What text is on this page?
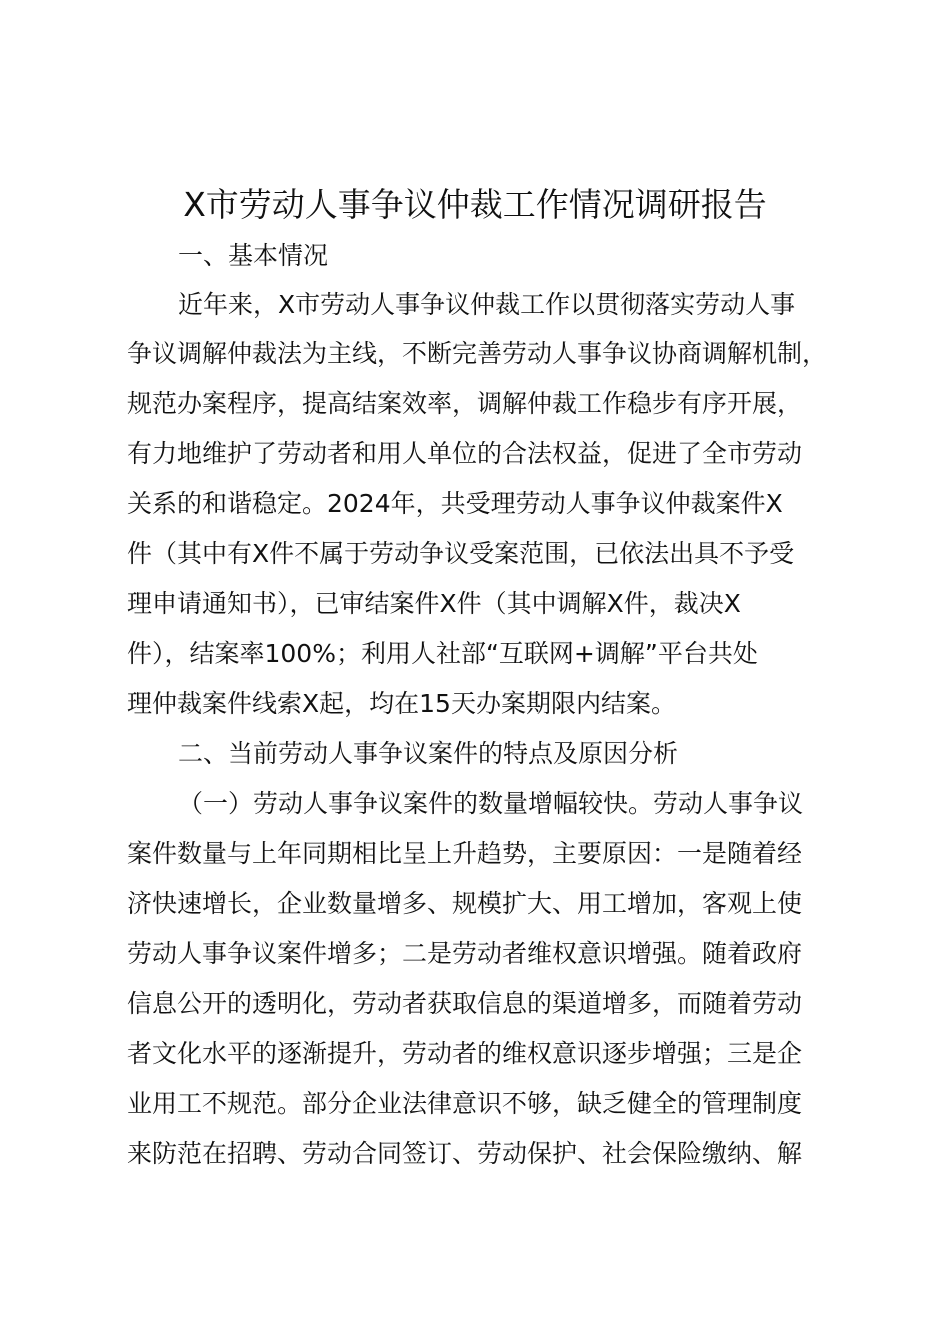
X市劳动人事争议仲裁工作情况调研报告
一、基本情况
近年来，X市劳动人事争议仲裁工作以贯彻落实劳动人事
争议调解仲裁法为主线，不断完善劳动人事争议协商调解机制，
规范办案程序，提高结案效率，调解仲裁工作稳步有序开展，
有力地维护了劳动者和用人单位的合法权益，促进了全市劳动
关系的和谐稳定。2024年，共受理劳动人事争议仲裁案件X
件（其中有X件不属于劳动争议受案范围，已依法出具不予受
理申请通知书），已审结案件X件（其中调解X件，裁决X
件），结案率100%；利用人社部“互联网+调解”平台共处
理仲裁案件线索X起，均在15天办案期限内结案。
二、当前劳动人事争议案件的特点及原因分析
（一）劳动人事争议案件的数量增幅较快。劳动人事争议
案件数量与上年同期相比呈上升趋势，主要原因：一是随着经
济快速增长，企业数量增多、规模扩大、用工增加，客观上使
劳动人事争议案件增多；二是劳动者维权意识增强。随着政府
信息公开的透明化，劳动者获取信息的渠道增多，而随着劳动
者文化水平的逐渐提升，劳动者的维权意识逐步增强；三是企
业用工不规范。部分企业法律意识不够，缺乏健全的管理制度
来防范在招聘、劳动合同签订、劳动保护、社会保险缴纳、解
